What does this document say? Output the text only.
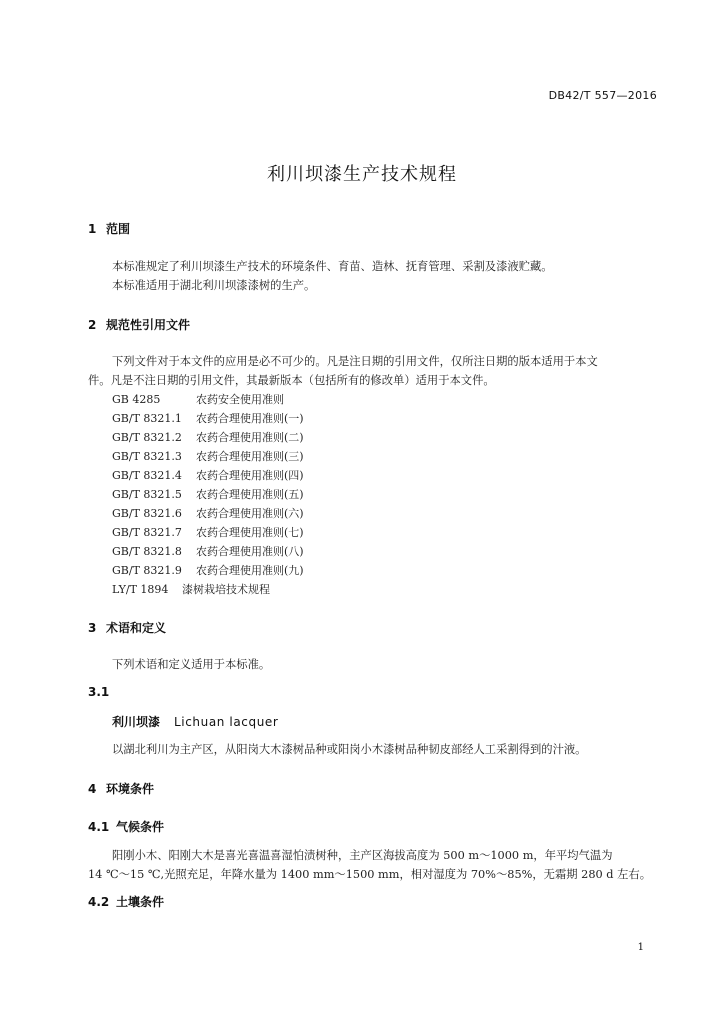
DB42/T 557—2016
利川坝漆生产技术规程
1 范围
本标准规定了利川坝漆生产技术的环境条件、育苗、造林、抚育管理、采割及漆液贮藏。
本标准适用于湖北利川坝漆漆树的生产。
2 规范性引用文件
下列文件对于本文件的应用是必不可少的。凡是注日期的引用文件，仅所注日期的版本适用于本文
件。凡是不注日期的引用文件，其最新版本（包括所有的修改单）适用于本文件。
GB 4285	农药安全使用准则
GB/T 8321.1 农药合理使用准则(一)
GB/T 8321.2 农药合理使用准则(二)
GB/T 8321.3 农药合理使用准则(三)
GB/T 8321.4 农药合理使用准则(四)
GB/T 8321.5 农药合理使用准则(五)
GB/T 8321.6 农药合理使用准则(六)
GB/T 8321.7 农药合理使用准则(七)
GB/T 8321.8 农药合理使用准则(八)
GB/T 8321.9 农药合理使用准则(九)
LY/T 1894 漆树栽培技术规程
3 术语和定义
下列术语和定义适用于本标准。
3.1
利川坝漆 Lichuan lacquer
以湖北利川为主产区，从阳岗大木漆树品种或阳岗小木漆树品种韧皮部经人工采割得到的汁液。
4 环境条件
4.1 气候条件
阳刚小木、阳刚大木是喜光喜温喜湿怕渍树种，主产区海拔高度为 500 m～1000 m，年平均气温为
14 ℃～15 ℃,光照充足，年降水量为 1400 mm～1500 mm，相对湿度为 70%～85%，无霜期 280 d 左右。
4.2 土壤条件
1
